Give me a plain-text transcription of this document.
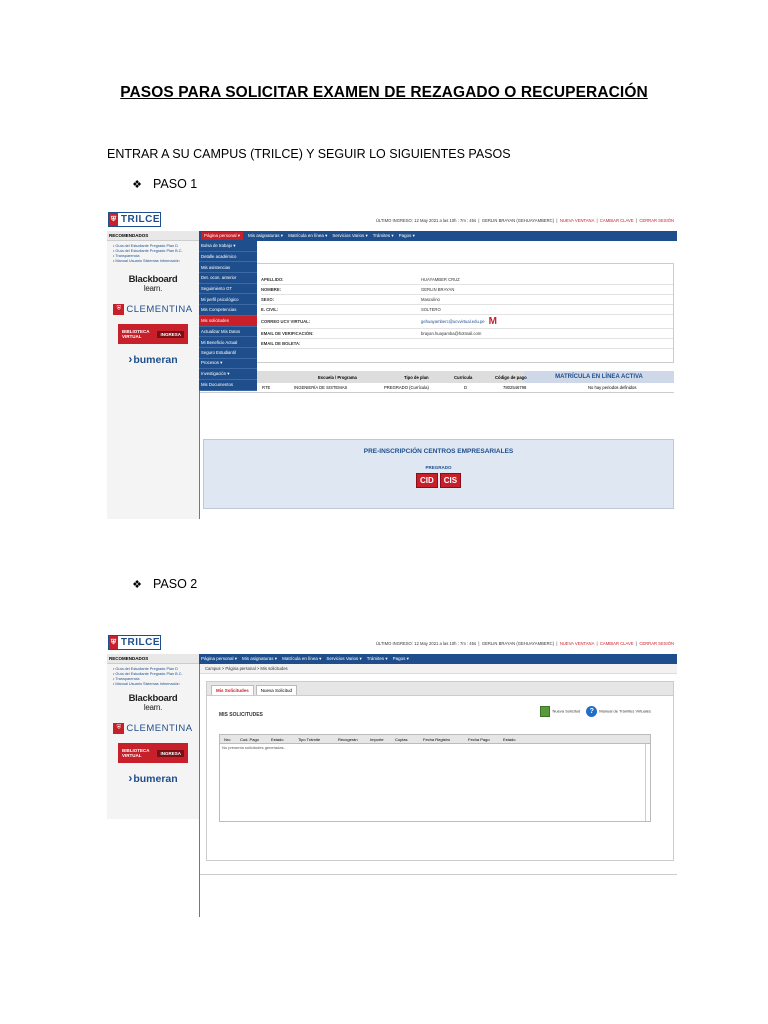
PASOS PARA SOLICITAR EXAMEN DE REZAGADO O RECUPERACIÓN
ENTRAR A SU CAMPUS (TRILCE) Y SEGUIR LO SIGUIENTES PASOS
❖ PASO 1
⛨ TRILCE	ÚLTIMO INGRESO: 12 May 2021 a las 10h : 7m : 45s  |  GERLIN BRAYAN (GEHUAYAMBERC)  |  NUEVA VENTANA  |  CAMBIAR CLAVE  |  CERRAR SESIÓN
RECOMENDADOS	Página personal ▾	Mis asignaturas ▾ Matrícula en línea ▾ Servicios Varios ▾ Trámites ▾ Pagos ▾
• Guía del Estudiante Pregrado Plan D
• Guía del Estudiante Pregrado Plan B.C.
• Transparencia
• Manual Usuario Sistemas Información
Blackboard
learn.
⛨ CLEMENTINA
BIBLIOTECA
VIRTUAL	INGRESA
›bumeran
APELLIDO:	HUAYAMBER CRUZ
NOMBRE:	GERLIN BRAYAN
SEXO:	Masculino
E. CIVIL:	SOLTERO
CORREO UCV VIRTUAL:	gehuayamberc@ucvvirtual.edu.pe M
EMAIL DE VERIFICACIÓN:	brayan.huayamba@hotmail.com
EMAIL DE BOLETA:
Escuela / Programa	Tipo de plan	Currícula	Código de pago	MATRÍCULA EN LÍNEA ACTIVA
RTE	INGENIERÍA DE SISTEMAS	PREGRADO (Currícula)	D	7802546798	No hay periodos definidos
PRE-INSCRIPCIÓN CENTROS EMPRESARIALES
PREGRADO
CID	CIS
Bolsa de trabajo ▾
Detalle académico
Mis asistencias
Det. ocon. anterior
Seguimiento GT
Mi perfil psicológico
Mis Competencias
Mis solicitudes
Actualizar Mis Datos
Mi Beneficio Actual
Seguro Estudiantil
Procesos ▾
Investigación ▾
Mis Documentos
❖ PASO 2
⛨ TRILCE	ÚLTIMO INGRESO: 12 May 2021 a las 10h : 7m : 45s  |  GERLIN BRAYAN (GEHUAYAMBERC)  |  NUEVA VENTANA  |  CAMBIAR CLAVE  |  CERRAR SESIÓN
RECOMENDADOS	Página personal ▾ Mis asignaturas ▾ Matrícula en línea ▾ Servicios Varios ▾ Trámites ▾ Pagos ▾
• Guía del Estudiante Pregrado Plan D
• Guía del Estudiante Pregrado Plan B.C.
• Transparencia
• Manual Usuario Sistemas Información
Blackboard
learn.
⛨ CLEMENTINA
BIBLIOTECA
VIRTUAL	INGRESA
›bumeran
Campus > Página personal > Mis solicitudes
Mis Solicitudes	Nueva Solicitud
MIS SOLICITUDES
Nueva Solicitud	? Manual de Trámites Virtuales
Nro Cod. Pago	Estado	Tipo Trámite	Recogerán	Importe	Copias	Fecha Registro	Fecha Pago	Estado
No presenta solicitudes generadas.
